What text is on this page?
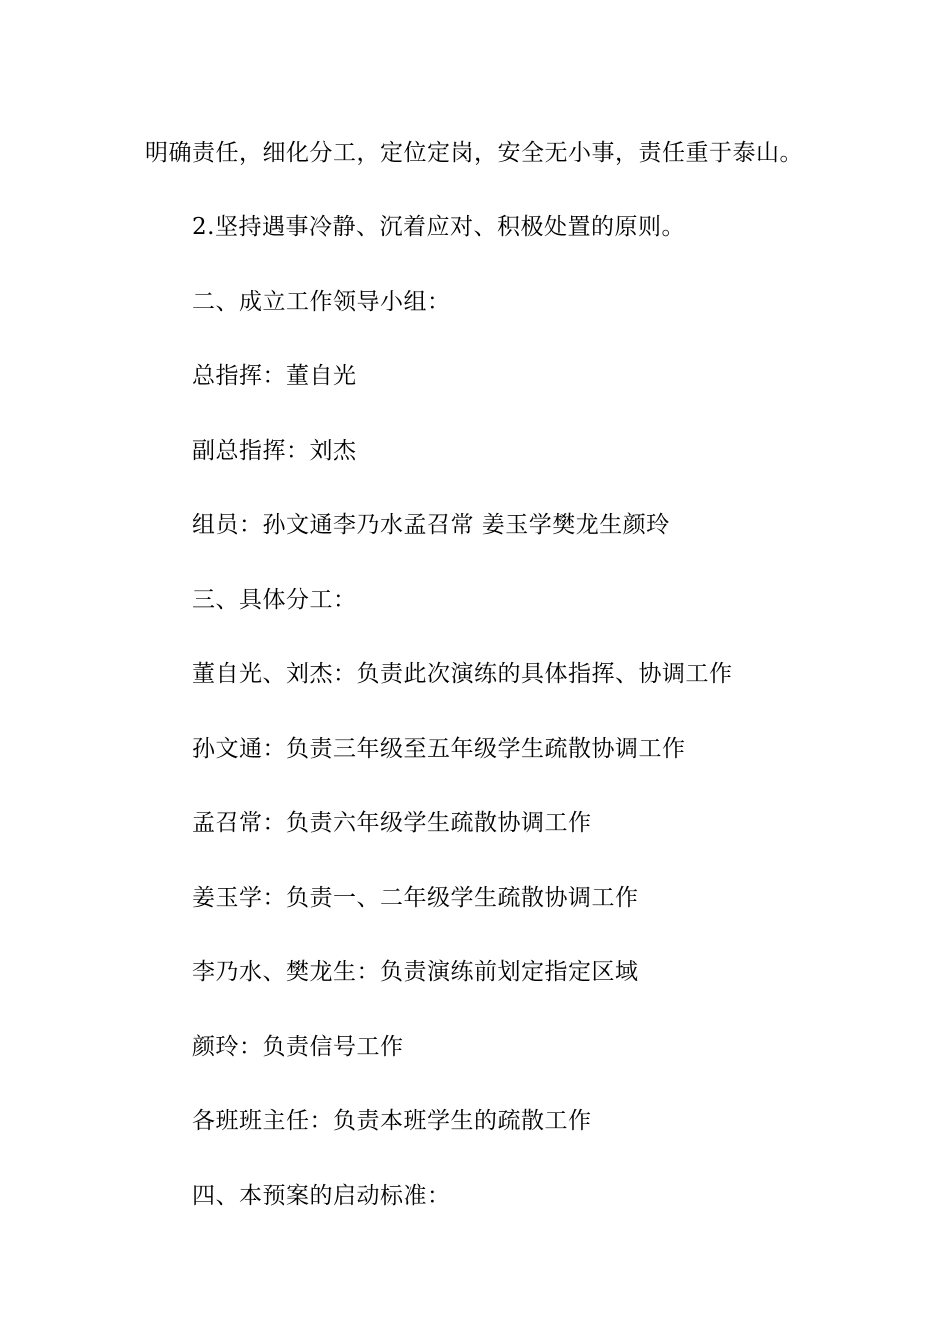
明确责任，细化分工，定位定岗，安全无小事，责任重于泰山。
2.坚持遇事冷静、沉着应对、积极处置的原则。
二、成立工作领导小组：
总指挥：董自光
副总指挥：刘杰
组员：孙文通李乃水孟召常 姜玉学樊龙生颜玲
三、具体分工：
董自光、刘杰：负责此次演练的具体指挥、协调工作
孙文通：负责三年级至五年级学生疏散协调工作
孟召常：负责六年级学生疏散协调工作
姜玉学：负责一、二年级学生疏散协调工作
李乃水、樊龙生：负责演练前划定指定区域
颜玲：负责信号工作
各班班主任：负责本班学生的疏散工作
四、本预案的启动标准：
